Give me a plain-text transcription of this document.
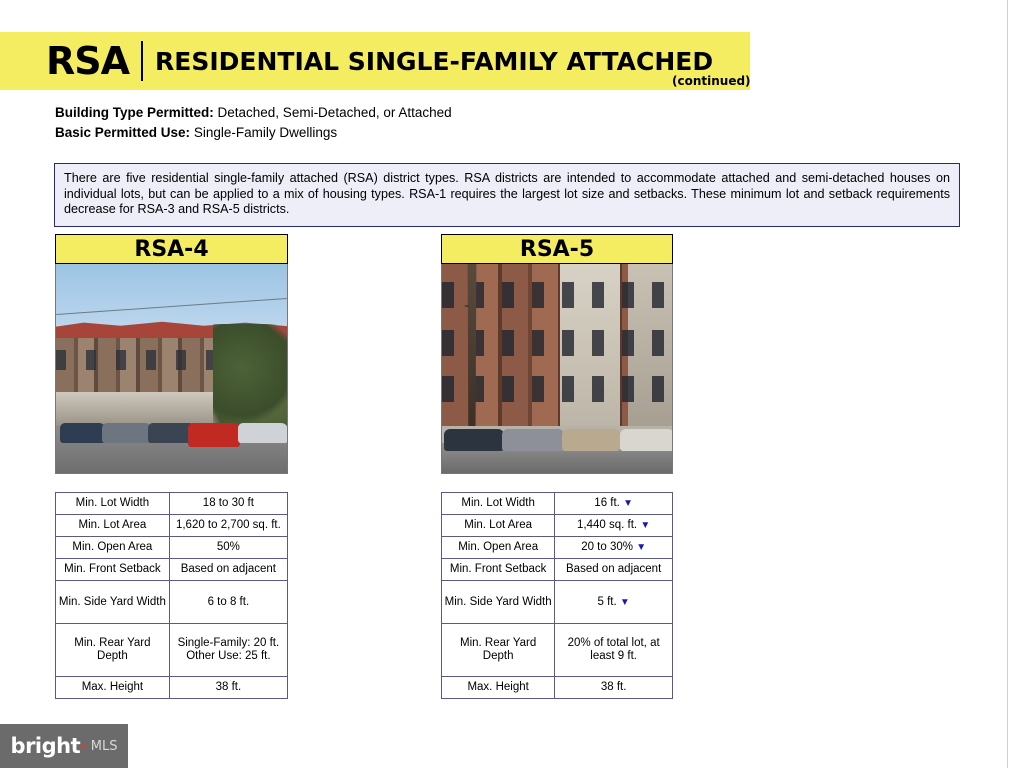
RSA	RESIDENTIAL SINGLE-FAMILY ATTACHED
(continued)
Building Type Permitted: Detached, Semi-Detached, or Attached
Basic Permitted Use: Single-Family Dwellings
There are five residential single-family attached (RSA) district types. RSA districts are intended to accommodate attached and semi-detached houses on individual lots, but can be applied to a mix of housing types. RSA-1 requires the largest lot size and setbacks. These minimum lot and setback requirements decrease for RSA-3 and RSA-5 districts.
RSA-4
Min. Lot Width	18 to 30 ft
Min. Lot Area	1,620 to 2,700 sq. ft.
Min. Open Area	50%
Min. Front Setback	Based on adjacent
Min. Side Yard Width	6 to 8 ft.
Min. Rear Yard Depth	Single-Family: 20 ft. Other Use: 25 ft.
Max. Height	38 ft.
RSA-5
Min. Lot Width	16 ft. ▼
Min. Lot Area	1,440 sq. ft. ▼
Min. Open Area	20 to 30% ▼
Min. Front Setback	Based on adjacent
Min. Side Yard Width	5 ft. ▼
Min. Rear Yard Depth	20% of total lot, at least 9 ft.
Max. Height	38 ft.
bright + MLS
